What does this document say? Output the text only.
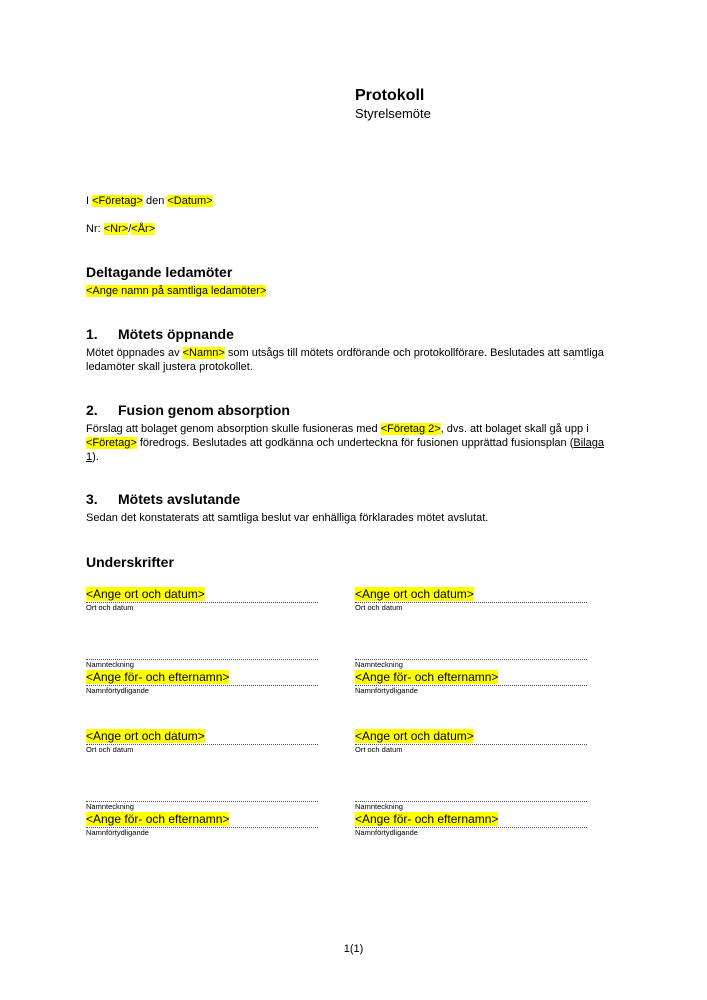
Protokoll
Styrelsemöte
I <Företag> den <Datum>
Nr: <Nr>/<År>
Deltagande ledamöter
<Ange namn på samtliga ledamöter>
1. Mötets öppnande
Mötet öppnades av <Namn> som utsågs till mötets ordförande och protokollförare. Beslutades att samtliga ledamöter skall justera protokollet.
2. Fusion genom absorption
Förslag att bolaget genom absorption skulle fusioneras med <Företag 2>, dvs. att bolaget skall gå upp i <Företag> föredrogs. Beslutades att godkänna och underteckna för fusionen upprättad fusionsplan (Bilaga 1).
3. Mötets avslutande
Sedan det konstaterats att samtliga beslut var enhälliga förklarades mötet avslutat.
Underskrifter
<Ange ort och datum>
Ort och datum
Namnteckning
<Ange för- och efternamn>
Namnförtydligande
<Ange ort och datum>
Ort och datum
Namnteckning
<Ange för- och efternamn>
Namnförtydligande
<Ange ort och datum>
Ort och datum
Namnteckning
<Ange för- och efternamn>
Namnförtydligande
<Ange ort och datum>
Ort och datum
Namnteckning
<Ange för- och efternamn>
Namnförtydligande
1(1)
